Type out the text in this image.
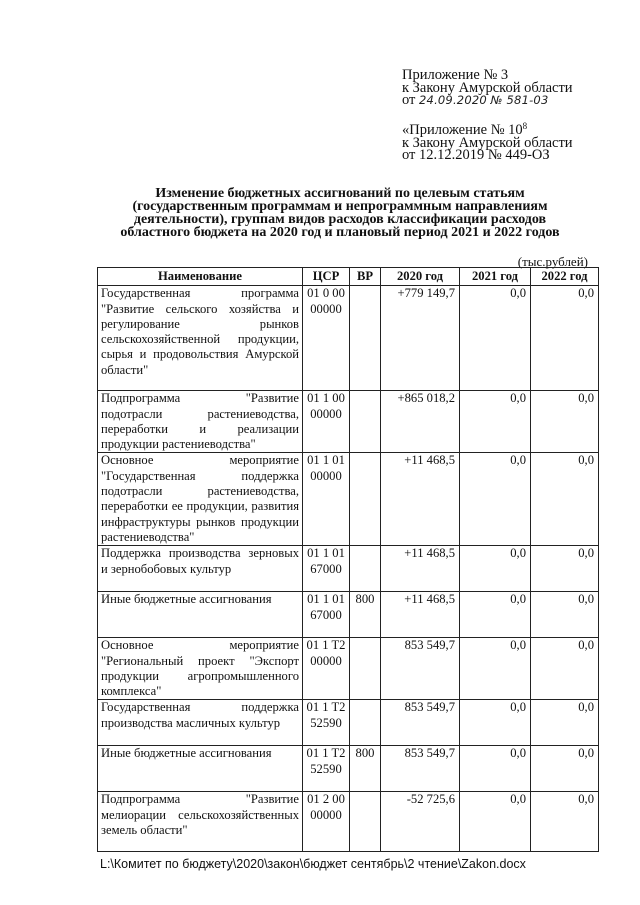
Приложение № 3
к Закону Амурской области
от 24.09.2020 № 581-03
«Приложение № $10^8$
к Закону Амурской области
от 12.12.2019 № 449-ОЗ
Изменение бюджетных ассигнований по целевым статьям
(государственным программам и непрограммным направлениям
деятельности), группам видов расходов классификации расходов
областного бюджета на 2020 год и плановый период 2021 и 2022 годов
(тыс.рублей)
Наименование	ЦСР	ВР	2020 год	2021 год	2022 год
Государственная программа "Развитие сельского хозяйства и регулирование рынков сельскохозяйственной продукции, сырья и продовольствия Амурской области"	01 0 00 00000		+779 149,7	0,0	0,0
Подпрограмма "Развитие подотрасли растениеводства, переработки и реализации продукции растениеводства"	01 1 00 00000		+865 018,2	0,0	0,0
Основное мероприятие "Государственная поддержка подотрасли растениеводства, переработки ее продукции, развития инфраструктуры рынков продукции растениеводства"	01 1 01 00000		+11 468,5	0,0	0,0
Поддержка производства зерновых и зернобобовых культур	01 1 01 67000		+11 468,5	0,0	0,0
Иные бюджетные ассигнования	01 1 01 67000	800	+11 468,5	0,0	0,0
Основное мероприятие "Региональный проект "Экспорт продукции агропромышленного комплекса"	01 1 T2 00000		853 549,7	0,0	0,0
Государственная поддержка производства масличных культур	01 1 T2 52590		853 549,7	0,0	0,0
Иные бюджетные ассигнования	01 1 T2 52590	800	853 549,7	0,0	0,0
Подпрограмма "Развитие мелиорации сельскохозяйственных земель области"	01 2 00 00000		-52 725,6	0,0	0,0
L:\Комитет по бюджету\2020\закон\бюджет сентябрь\2 чтение\Zakon.docx
